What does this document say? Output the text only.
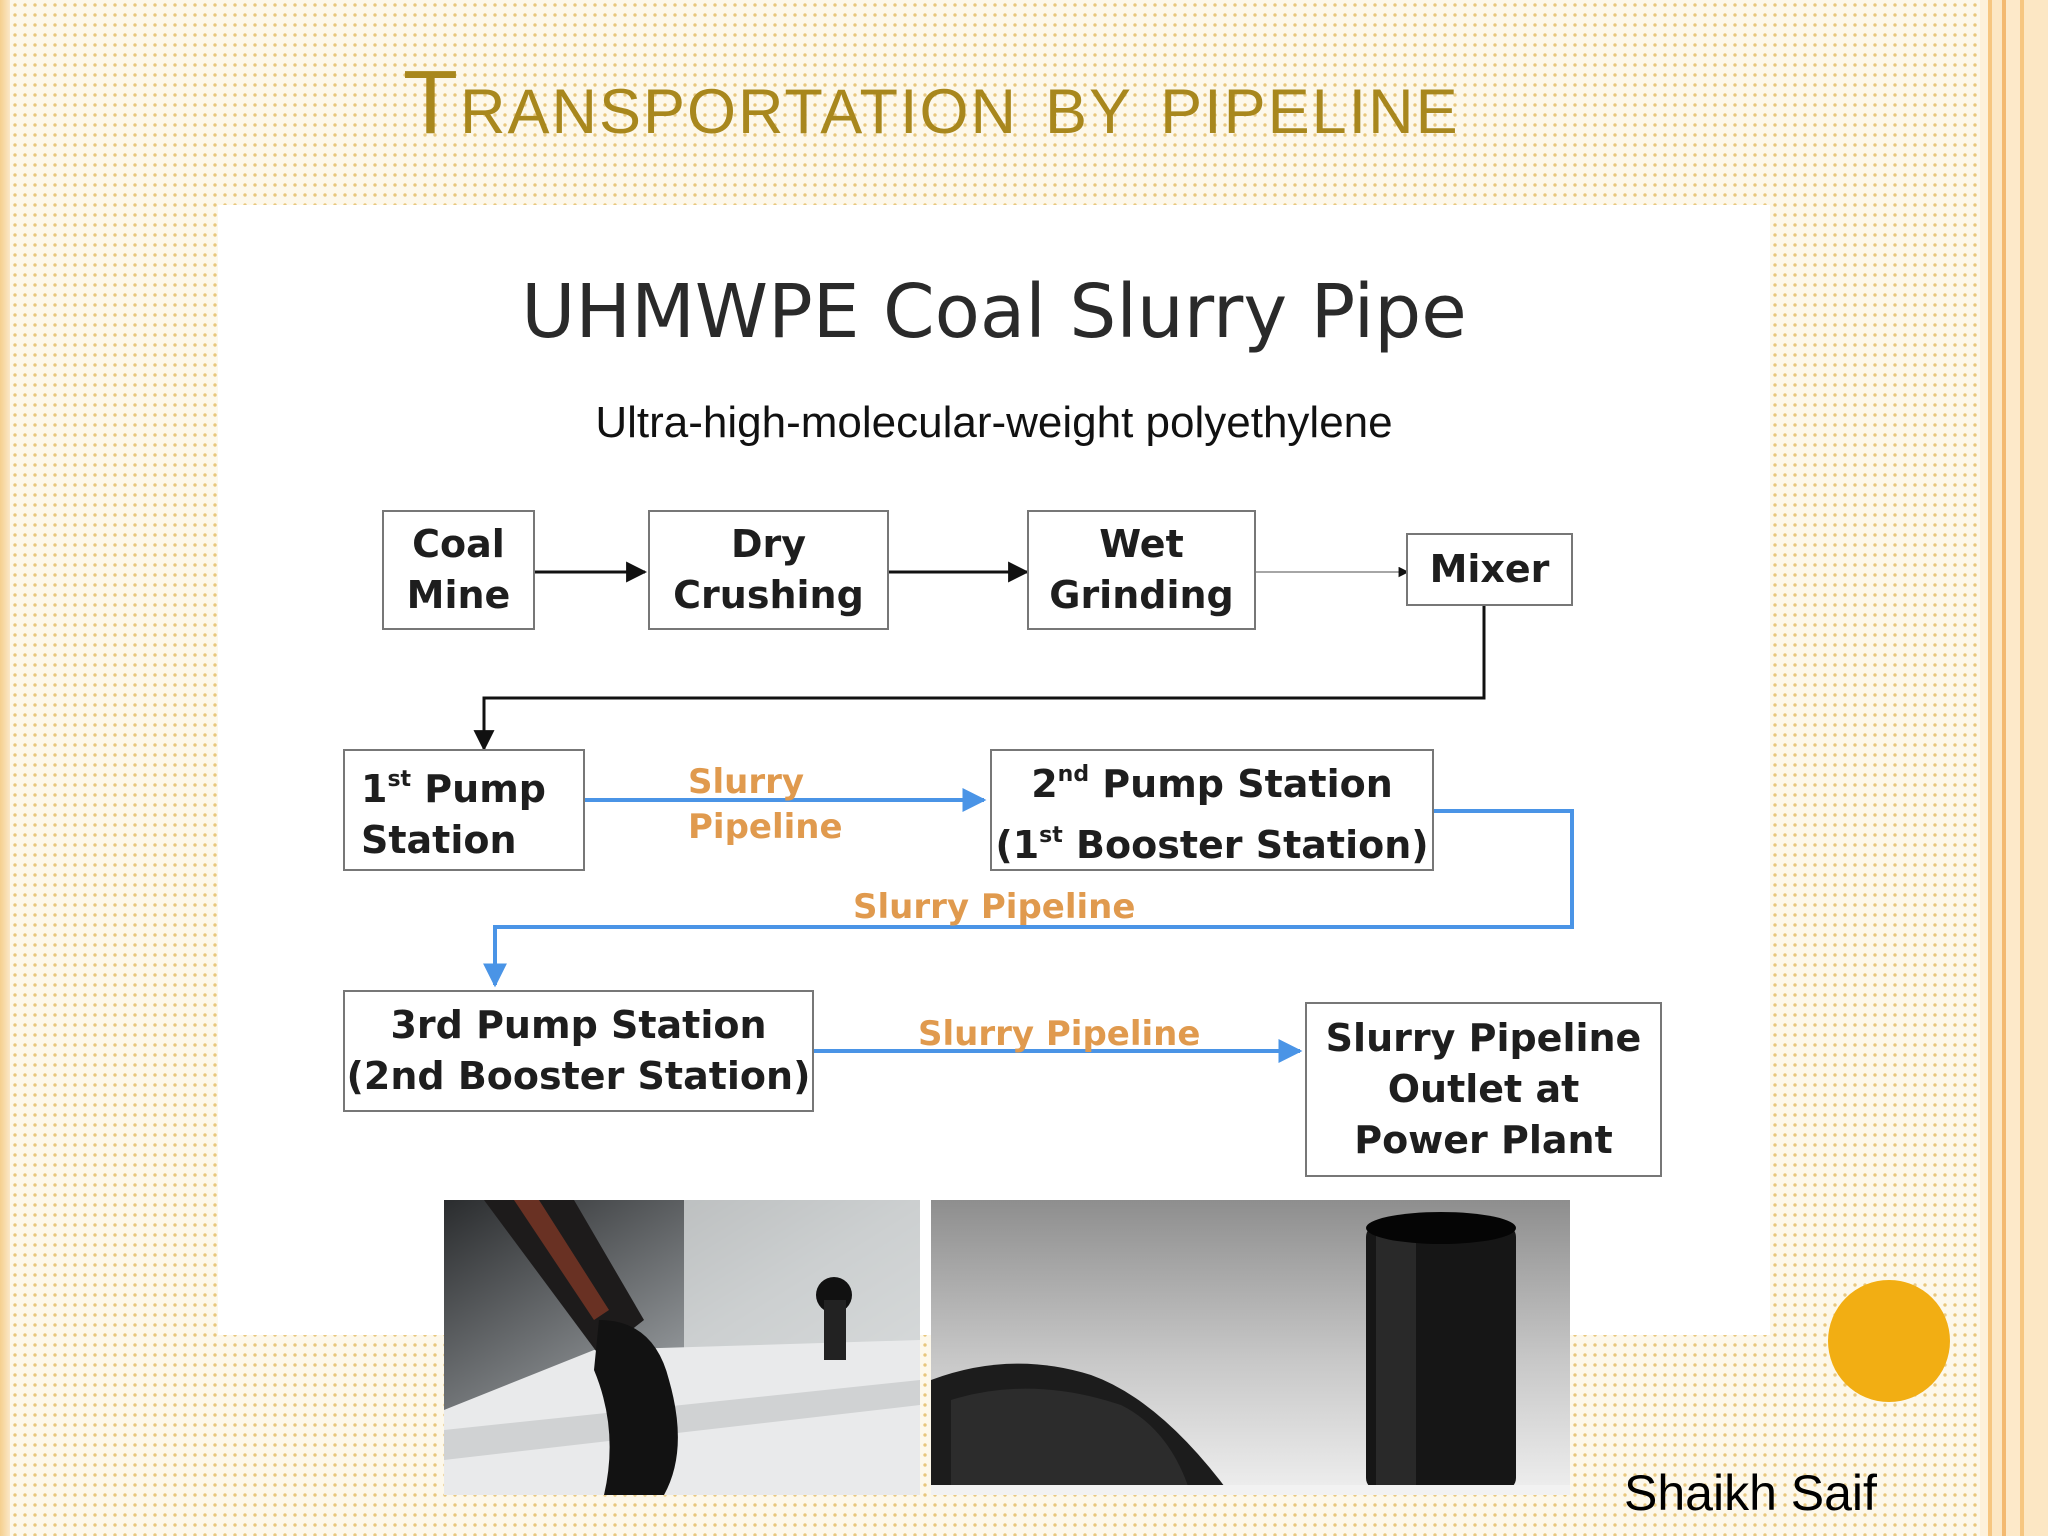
Transportation by pipeline
UHMWPE Coal Slurry Pipe
Ultra-high-molecular-weight polyethylene
Coal
Mine
Dry
Crushing
Wet
Grinding
Mixer
1st Pump
Station
2nd Pump Station
(1st Booster Station)
3rd Pump Station
(2nd Booster Station)
Slurry Pipeline
Outlet at
Power Plant
Slurry
Pipeline
Slurry Pipeline
Slurry Pipeline
Shaikh Saif
